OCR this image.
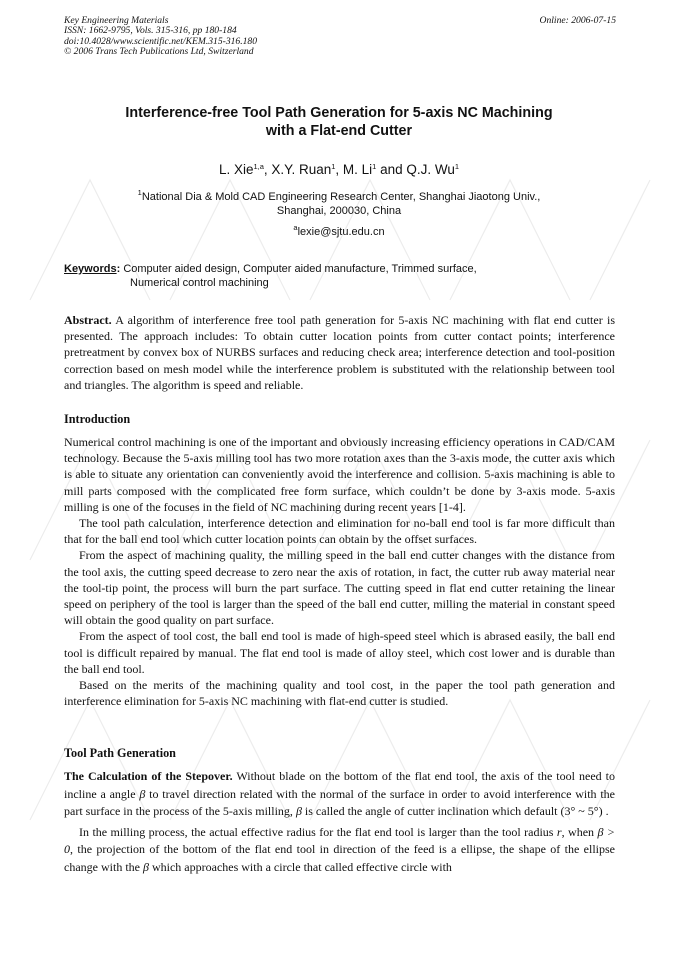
Key Engineering Materials
ISSN: 1662-9795, Vols. 315-316, pp 180-184
doi:10.4028/www.scientific.net/KEM.315-316.180
© 2006 Trans Tech Publications Ltd, Switzerland
Online: 2006-07-15
Interference-free Tool Path Generation for 5-axis NC Machining
with a Flat-end Cutter
L. Xie$^{1,a}$, X.Y. Ruan$^1$, M. Li$^1$ and Q.J. Wu$^1$
$^1$National Dia & Mold CAD Engineering Research Center, Shanghai Jiaotong Univ.,
Shanghai, 200030, China
$^a$lexie@sjtu.edu.cn
Keywords: Computer aided design, Computer aided manufacture, Trimmed surface,
Numerical control machining

Abstract. A algorithm of interference free tool path generation for 5-axis NC machining with flat end cutter is presented. The approach includes: To obtain cutter location points from cutter contact points; interference pretreatment by convex box of NURBS surfaces and reducing check area; interference detection and tool-position correction based on mesh model while the interference problem is substituted with the relationship between tool and triangles. The algorithm is speed and reliable.

Introduction

Numerical control machining is one of the important and obviously increasing efficiency operations in CAD/CAM technology. Because the 5-axis milling tool has two more rotation axes than the 3-axis mode, the cutter axis which is able to situate any orientation can conveniently avoid the interference and collision. 5-axis machining is able to mill parts composed with the complicated free form surface, which couldn’t be done by 3-axis mode. 5-axis milling is one of the focuses in the field of NC machining during recent years [1-4].

The tool path calculation, interference detection and elimination for no-ball end tool is far more difficult than that for the ball end tool which cutter location points can obtain by the offset surfaces.

From the aspect of machining quality, the milling speed in the ball end cutter changes with the distance from the tool axis, the cutting speed decrease to zero near the axis of rotation, in fact, the cutter rub away material near the tool-tip point, the process will burn the part surface. The cutting speed in flat end cutter retaining the linear speed on periphery of the tool is larger than the speed of the ball end cutter, milling the material in constant speed will obtain the good quality on part surface.

From the aspect of tool cost, the ball end tool is made of high-speed steel which is abrased easily, the ball end tool is difficult repaired by manual. The flat end tool is made of alloy steel, which cost lower and is durable than the ball end tool.

Based on the merits of the machining quality and tool cost, in the paper the tool path generation and interference elimination for 5-axis NC machining with flat-end cutter is studied.

Tool Path Generation

The Calculation of the Stepover. Without blade on the bottom of the flat end tool, the axis of the tool need to incline a angle β to travel direction related with the normal of the surface in order to avoid interference with the part surface in the process of the 5-axis milling, β is called the angle of cutter inclination which default (3° ~ 5°) .

In the milling process, the actual effective radius for the flat end tool is larger than the tool radius r, when β > 0, the projection of the bottom of the flat end tool in direction of the feed is a ellipse, the shape of the ellipse change with the β which approaches with a circle that called effective circle with
